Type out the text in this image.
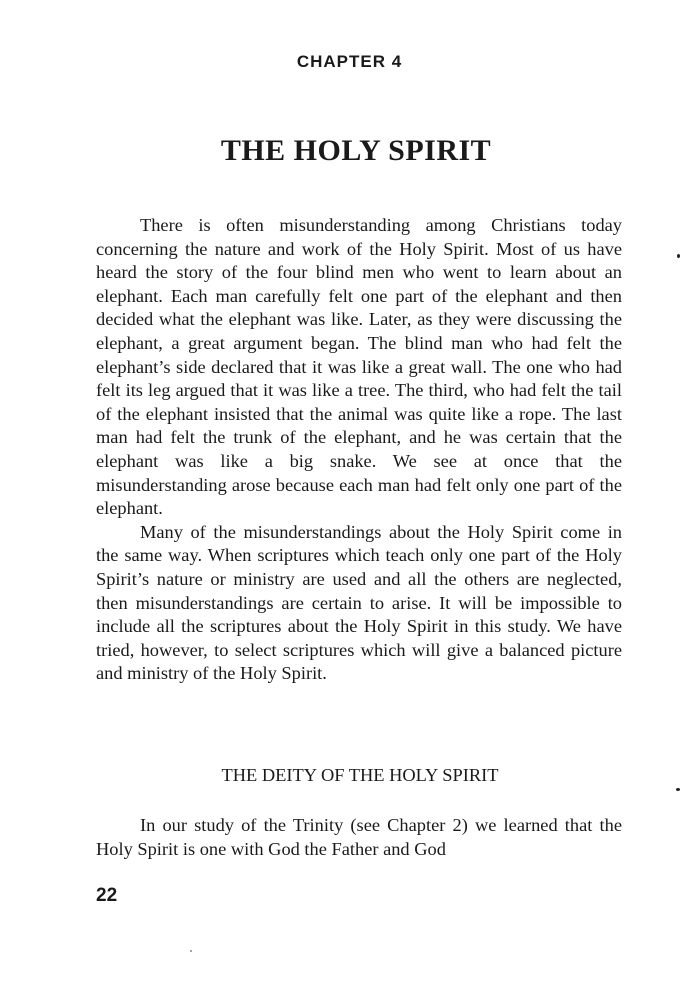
CHAPTER 4
THE HOLY SPIRIT

There is often misunderstanding among Christians today concerning the nature and work of the Holy Spirit. Most of us have heard the story of the four blind men who went to learn about an elephant. Each man carefully felt one part of the elephant and then decided what the elephant was like. Later, as they were discussing the elephant, a great argument began. The blind man who had felt the elephant’s side declared that it was like a great wall. The one who had felt its leg argued that it was like a tree. The third, who had felt the tail of the elephant insisted that the animal was quite like a rope. The last man had felt the trunk of the elephant, and he was certain that the elephant was like a big snake. We see at once that the misunderstanding arose because each man had felt only one part of the elephant.

Many of the misunderstandings about the Holy Spirit come in the same way. When scriptures which teach only one part of the Holy Spirit’s nature or ministry are used and all the others are neglected, then misunderstandings are certain to arise. It will be impossible to include all the scriptures about the Holy Spirit in this study. We have tried, however, to select scriptures which will give a balanced picture and ministry of the Holy Spirit.

THE DEITY OF THE HOLY SPIRIT

In our study of the Trinity (see Chapter 2) we learned that the Holy Spirit is one with God the Father and God

22
